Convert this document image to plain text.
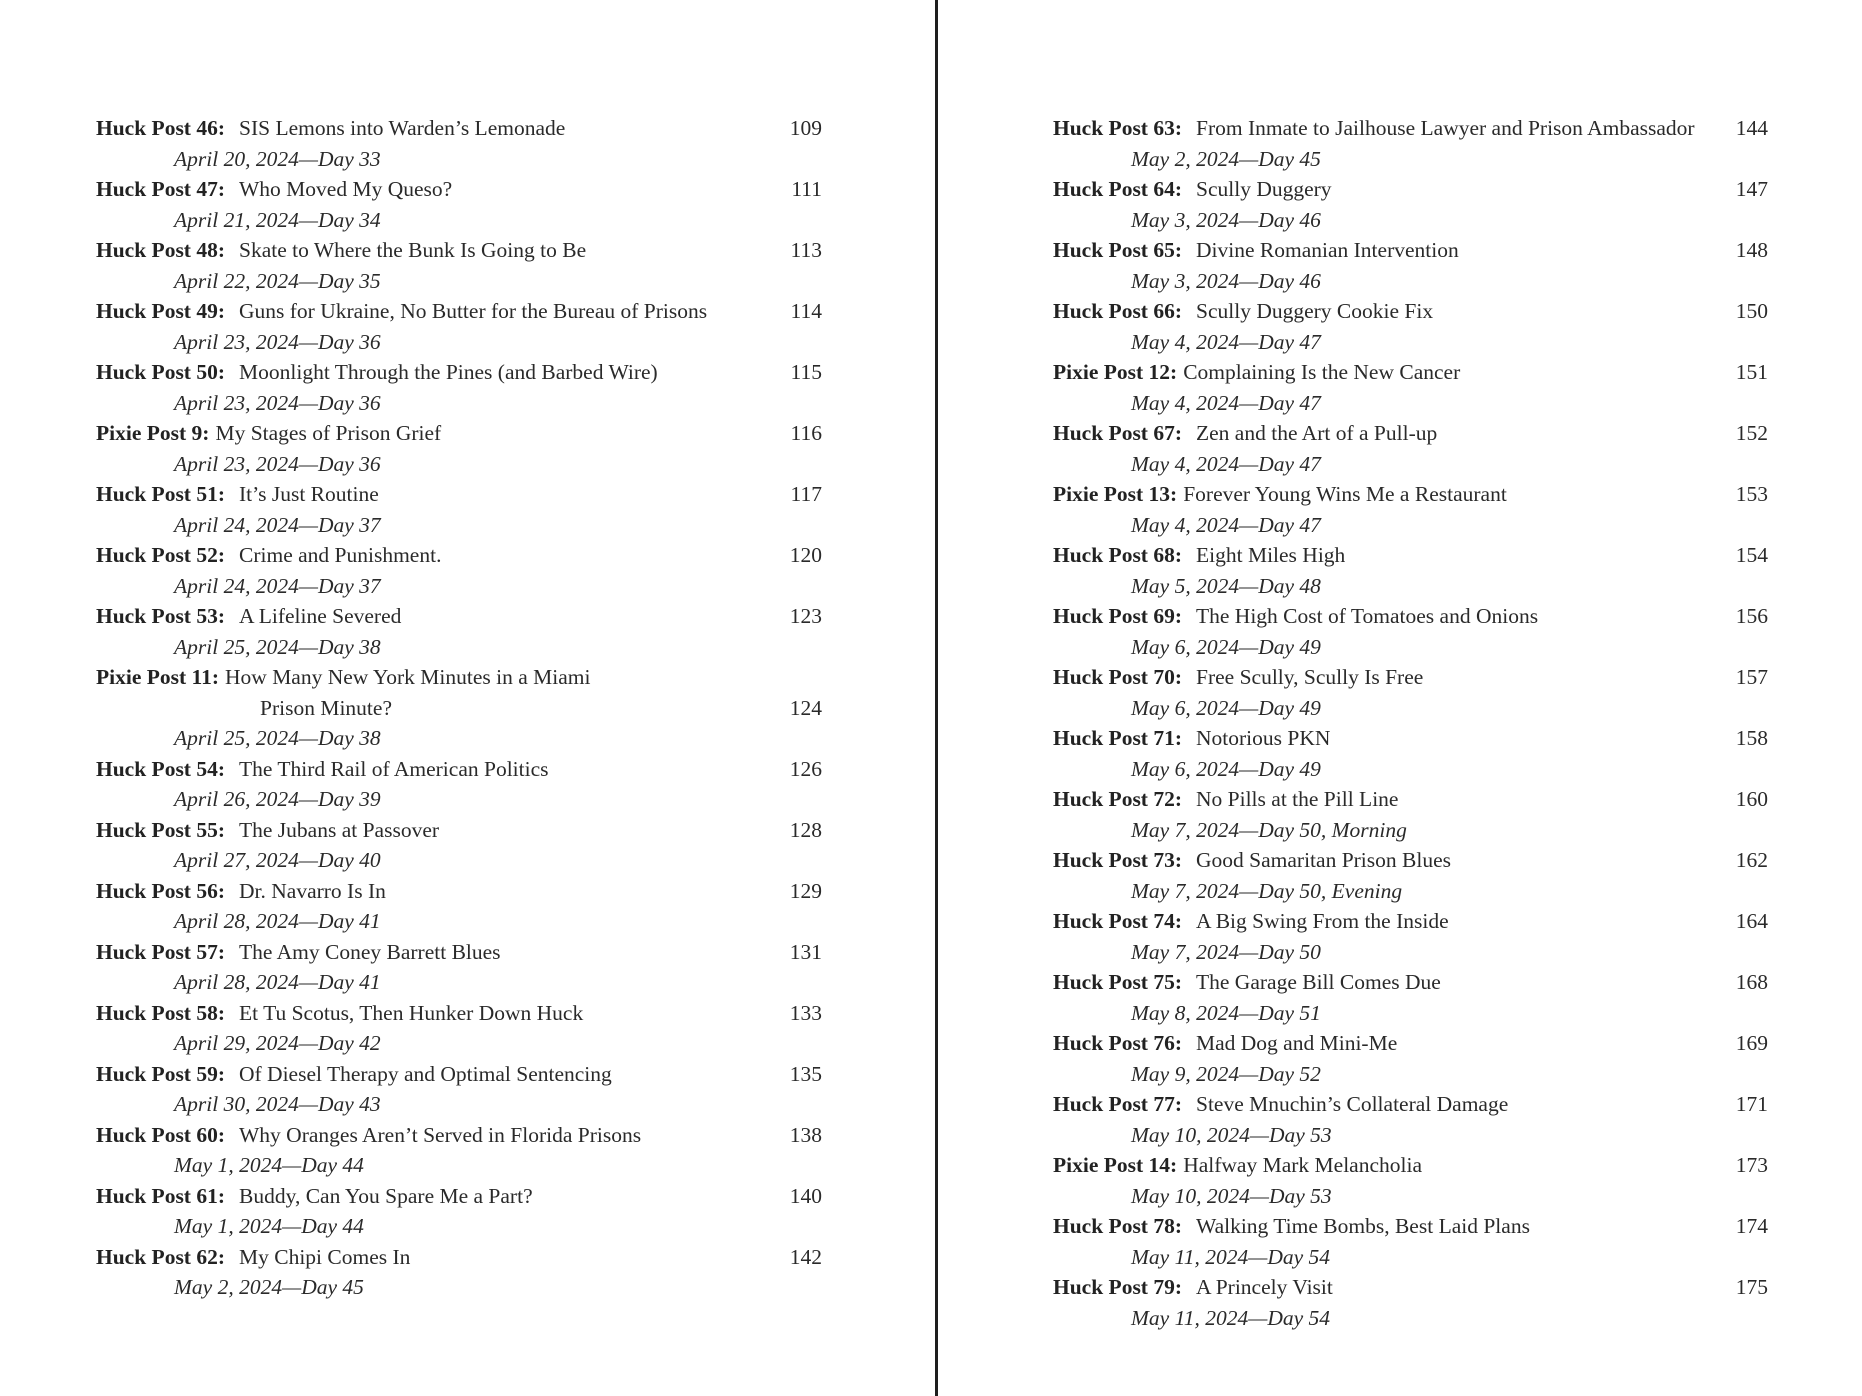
Huck Post 46: SIS Lemons into Warden’s Lemonade	109
April 20, 2024—Day 33
Huck Post 47: Who Moved My Queso?	111
April 21, 2024—Day 34
Huck Post 48: Skate to Where the Bunk Is Going to Be	113
April 22, 2024—Day 35
Huck Post 49: Guns for Ukraine, No Butter for the Bureau of Prisons	114
April 23, 2024—Day 36
Huck Post 50: Moonlight Through the Pines (and Barbed Wire)	115
April 23, 2024—Day 36
Pixie Post 9: My Stages of Prison Grief	116
April 23, 2024—Day 36
Huck Post 51: It’s Just Routine	117
April 24, 2024—Day 37
Huck Post 52: Crime and Punishment.	120
April 24, 2024—Day 37
Huck Post 53: A Lifeline Severed	123
April 25, 2024—Day 38
Pixie Post 11: How Many New York Minutes in a Miami
Prison Minute?	124
April 25, 2024—Day 38
Huck Post 54: The Third Rail of American Politics	126
April 26, 2024—Day 39
Huck Post 55: The Jubans at Passover	128
April 27, 2024—Day 40
Huck Post 56: Dr. Navarro Is In	129
April 28, 2024—Day 41
Huck Post 57: The Amy Coney Barrett Blues	131
April 28, 2024—Day 41
Huck Post 58: Et Tu Scotus, Then Hunker Down Huck	133
April 29, 2024—Day 42
Huck Post 59: Of Diesel Therapy and Optimal Sentencing	135
April 30, 2024—Day 43
Huck Post 60: Why Oranges Aren’t Served in Florida Prisons	138
May 1, 2024—Day 44
Huck Post 61: Buddy, Can You Spare Me a Part?	140
May 1, 2024—Day 44
Huck Post 62: My Chipi Comes In	142
May 2, 2024—Day 45
Huck Post 63: From Inmate to Jailhouse Lawyer and Prison Ambassador 144
May 2, 2024—Day 45
Huck Post 64: Scully Duggery	147
May 3, 2024—Day 46
Huck Post 65: Divine Romanian Intervention	148
May 3, 2024—Day 46
Huck Post 66: Scully Duggery Cookie Fix	150
May 4, 2024—Day 47
Pixie Post 12: Complaining Is the New Cancer	151
May 4, 2024—Day 47
Huck Post 67: Zen and the Art of a Pull-up	152
May 4, 2024—Day 47
Pixie Post 13: Forever Young Wins Me a Restaurant	153
May 4, 2024—Day 47
Huck Post 68: Eight Miles High	154
May 5, 2024—Day 48
Huck Post 69: The High Cost of Tomatoes and Onions	156
May 6, 2024—Day 49
Huck Post 70: Free Scully, Scully Is Free	157
May 6, 2024—Day 49
Huck Post 71: Notorious PKN	158
May 6, 2024—Day 49
Huck Post 72: No Pills at the Pill Line	160
May 7, 2024—Day 50, Morning
Huck Post 73: Good Samaritan Prison Blues	162
May 7, 2024—Day 50, Evening
Huck Post 74: A Big Swing From the Inside	164
May 7, 2024—Day 50
Huck Post 75: The Garage Bill Comes Due	168
May 8, 2024—Day 51
Huck Post 76: Mad Dog and Mini-Me	169
May 9, 2024—Day 52
Huck Post 77: Steve Mnuchin’s Collateral Damage	171
May 10, 2024—Day 53
Pixie Post 14: Halfway Mark Melancholia	173
May 10, 2024—Day 53
Huck Post 78: Walking Time Bombs, Best Laid Plans	174
May 11, 2024—Day 54
Huck Post 79: A Princely Visit	175
May 11, 2024—Day 54
